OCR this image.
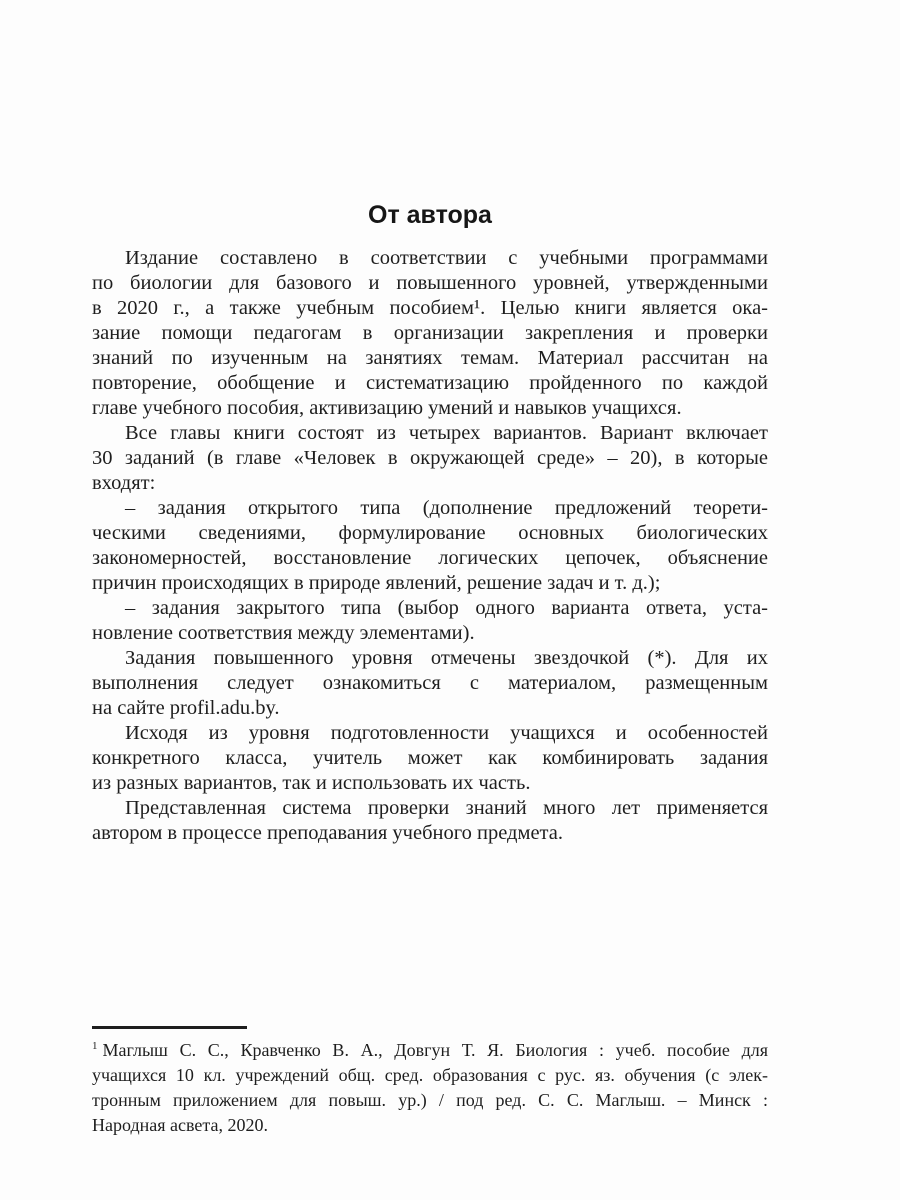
От автора
Издание составлено в соответствии с учебными программами
по биологии для базового и повышенного уровней, утвержденными
в 2020 г., а также учебным пособием¹. Целью книги является ока-
зание помощи педагогам в организации закрепления и проверки
знаний по изученным на занятиях темам. Материал рассчитан на
повторение, обобщение и систематизацию пройденного по каждой
главе учебного пособия, активизацию умений и навыков учащихся.
Все главы книги состоят из четырех вариантов. Вариант включает
30 заданий (в главе «Человек в окружающей среде» – 20), в которые
входят:
– задания открытого типа (дополнение предложений теорети-
ческими сведениями, формулирование основных биологических
закономерностей, восстановление логических цепочек, объяснение
причин происходящих в природе явлений, решение задач и т. д.);
– задания закрытого типа (выбор одного варианта ответа, уста-
новление соответствия между элементами).
Задания повышенного уровня отмечены звездочкой (*). Для их
выполнения следует ознакомиться с материалом, размещенным
на сайте profil.adu.by.
Исходя из уровня подготовленности учащихся и особенностей
конкретного класса, учитель может как комбинировать задания
из разных вариантов, так и использовать их часть.
Представленная система проверки знаний много лет применяется
автором в процессе преподавания учебного предмета.
$^1$ Маглыш С. С., Кравченко В. А., Довгун Т. Я. Биология : учеб. пособие для
учащихся 10 кл. учреждений общ. сред. образования с рус. яз. обучения (с элек-
тронным приложением для повыш. ур.) / под ред. С. С. Маглыш. – Минск :
Народная асвета, 2020.
